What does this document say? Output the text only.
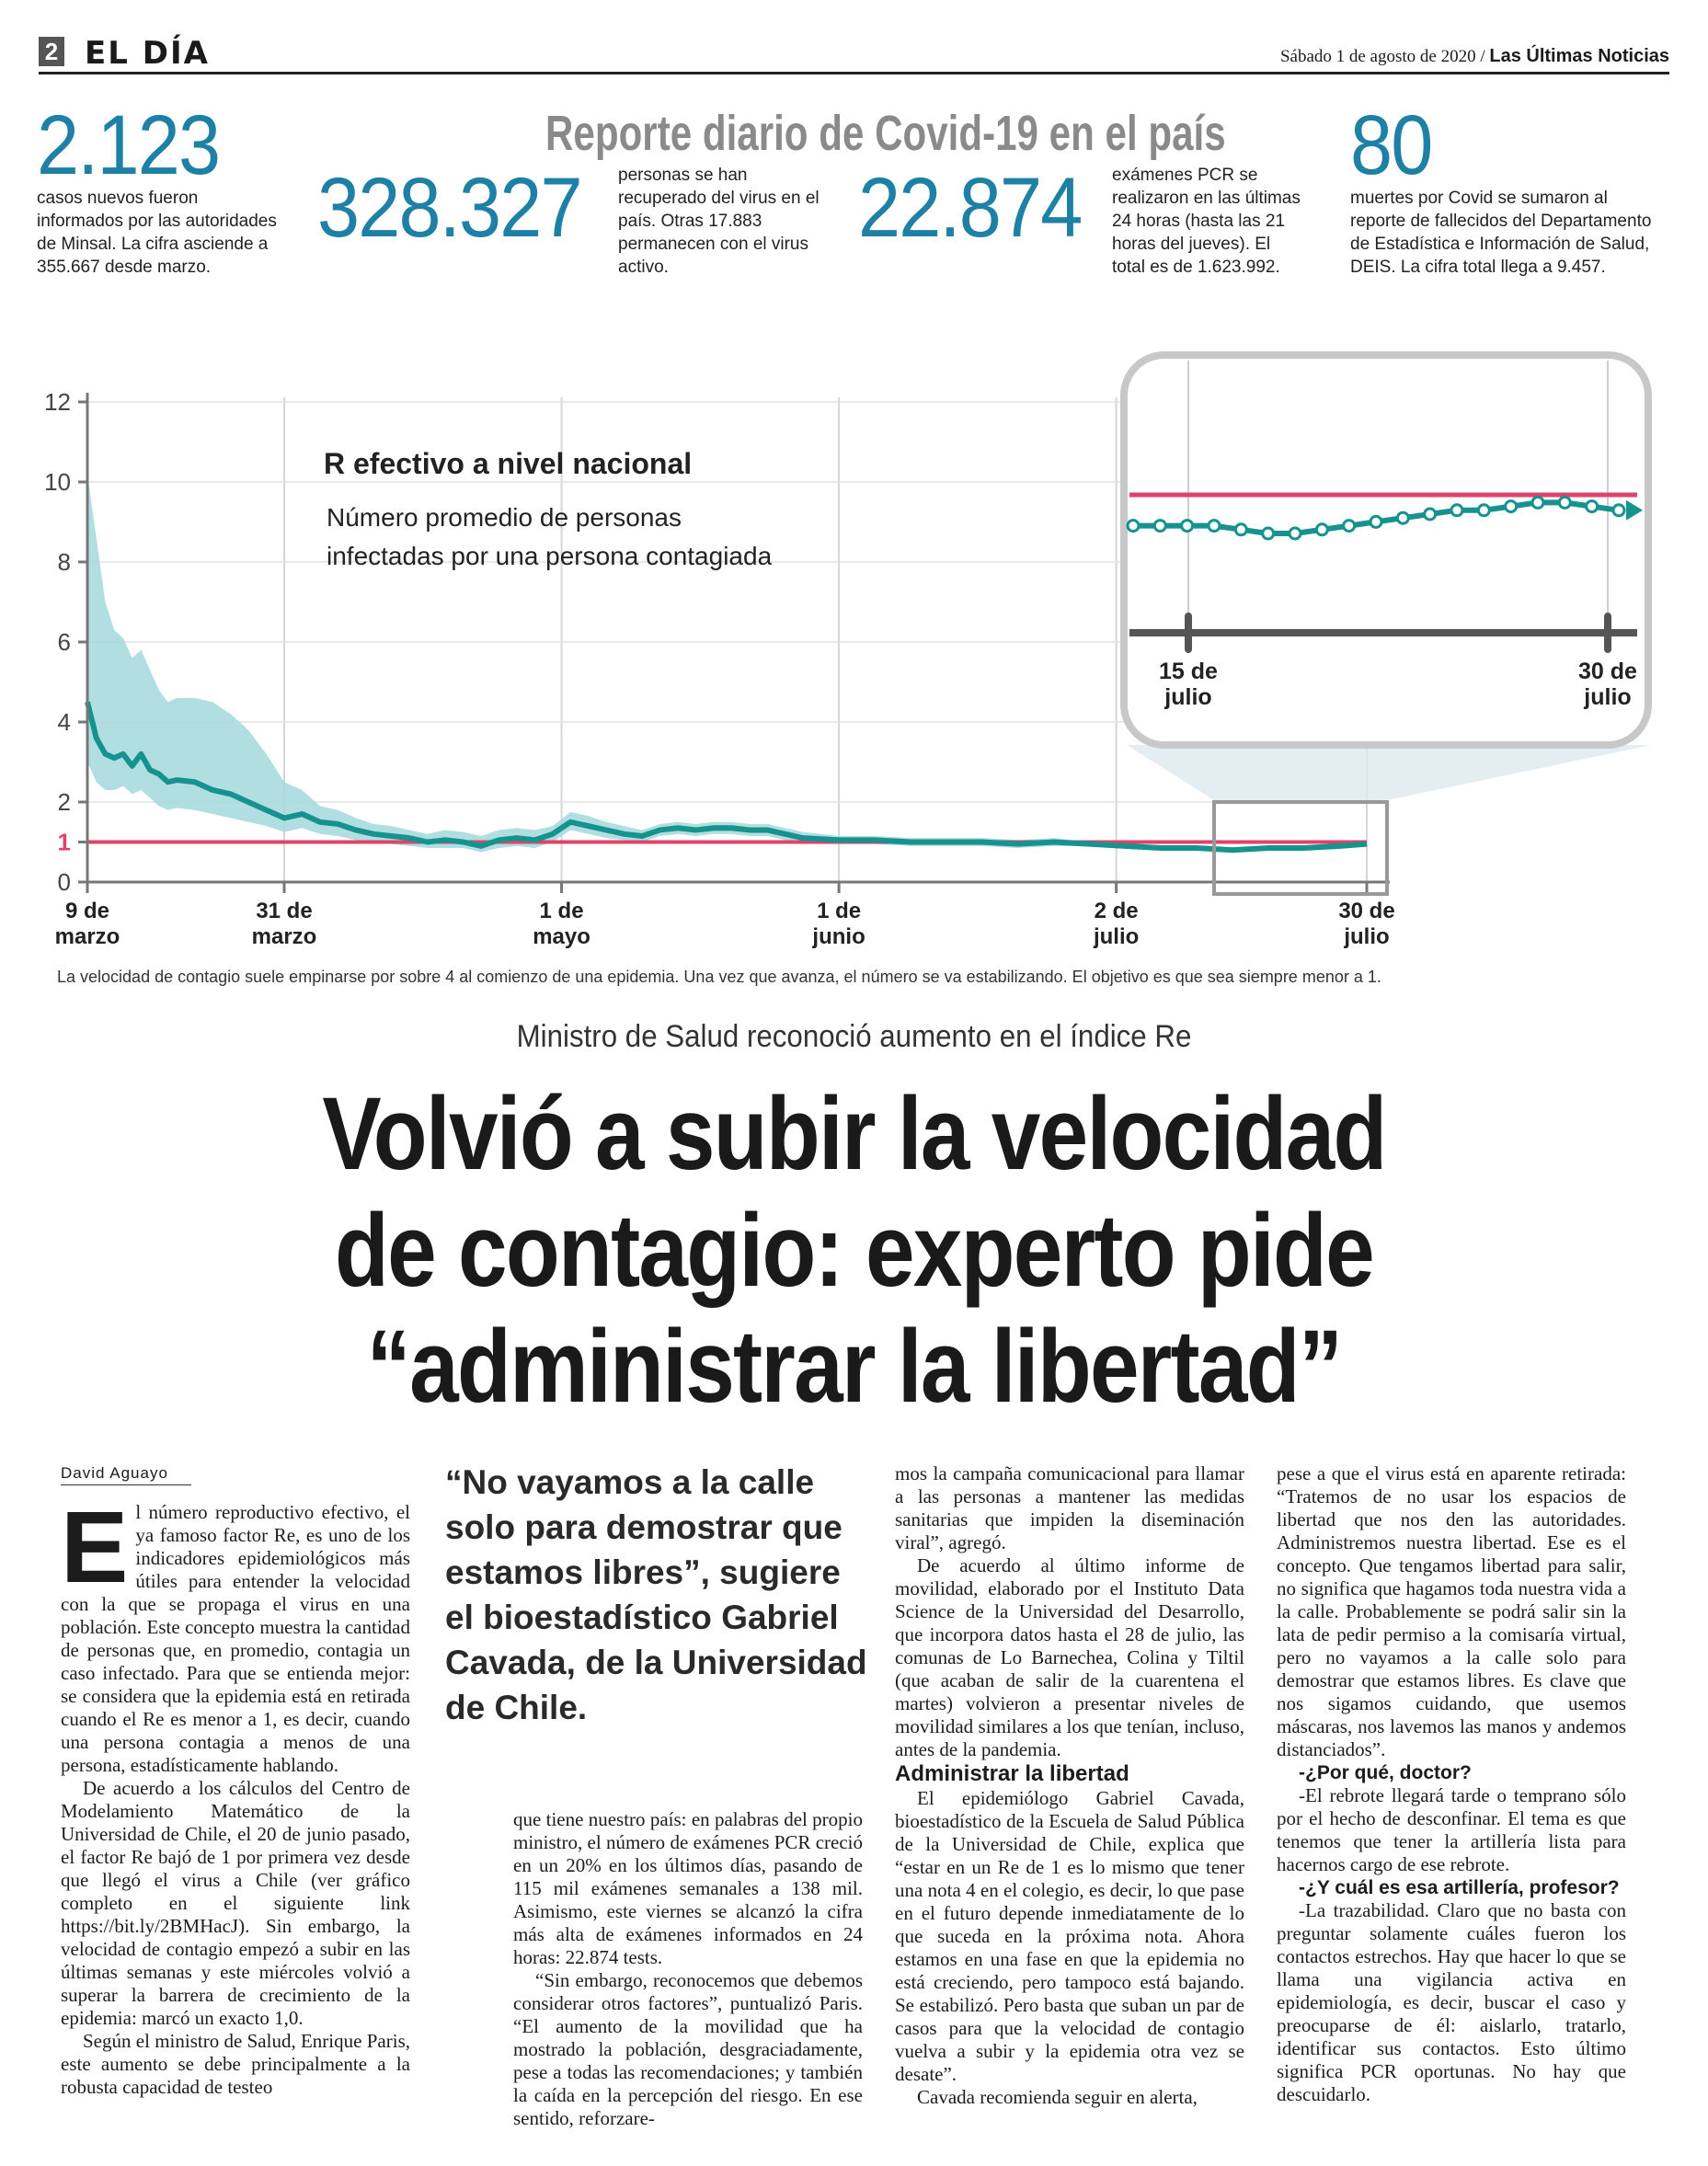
2 EL DÍA	Sábado 1 de agosto de 2020 / Las Últimas Noticias
Reporte diario de Covid-19 en el país
2.123
casos nuevos fueron
informados por las autoridades
de Minsal. La cifra asciende a
355.667 desde marzo.
328.327 personas se han
recuperado del virus en el
país. Otras 17.883
permanecen con el virus
activo.
22.874 exámenes PCR se
realizaron en las últimas
24 horas (hasta las 21
horas del jueves). El
total es de 1.623.992.
80
muertes por Covid se sumaron al
reporte de fallecidos del Departamento
de Estadística e Información de Salud,
DEIS. La cifra total llega a 9.457.
12
10
8
6
4
2
1
0
9 de
marzo
31 de
marzo
1 de
mayo
1 de
junio
2 de
julio
30 de
julio
R efectivo a nivel nacional
Número promedio de personas
infectadas por una persona contagiada
15 de
julio
30 de
julio
La velocidad de contagio suele empinarse por sobre 4 al comienzo de una epidemia. Una vez que avanza, el número se va estabilizando. El objetivo es que sea siempre menor a 1.
Ministro de Salud reconoció aumento en el índice Re
Volvió a subir la velocidad
de contagio: experto pide
“administrar la libertad”
David Aguayo
E l número reproductivo efectivo, el ya famoso factor Re, es uno de los indicadores epidemiológicos más útiles para entender la velocidad con la que se propaga el virus en una población. Este concepto muestra la cantidad de personas que, en promedio, contagia un caso infectado. Para que se entienda mejor: se considera que la epidemia está en retirada cuando el Re es menor a 1, es decir, cuando una persona contagia a menos de una persona, estadísticamente hablando.

De acuerdo a los cálculos del Centro de Modelamiento Matemático de la Universidad de Chile, el 20 de junio pasado, el factor Re bajó de 1 por primera vez desde que llegó el virus a Chile (ver gráfico completo en el siguiente link https://bit.ly/2BMHacJ). Sin embargo, la velocidad de contagio empezó a subir en las últimas semanas y este miércoles volvió a superar la barrera de crecimiento de la epidemia: marcó un exacto 1,0.

Según el ministro de Salud, Enrique Paris, este aumento se debe principalmente a la robusta capacidad de testeo

“No vayamos a la calle solo para demostrar que estamos libres”, sugiere el bioestadístico Gabriel Cavada, de la Universidad de Chile.

que tiene nuestro país: en palabras del propio ministro, el número de exámenes PCR creció en un 20% en los últimos días, pasando de 115 mil exámenes semanales a 138 mil. Asimismo, este viernes se alcanzó la cifra más alta de exámenes informados en 24 horas: 22.874 tests.

“Sin embargo, reconocemos que debemos considerar otros factores”, puntualizó Paris. “El aumento de la movilidad que ha mostrado la población, desgraciadamente, pese a todas las recomendaciones; y también la caída en la percepción del riesgo. En ese sentido, reforzare-

mos la campaña comunicacional para llamar a las personas a mantener las medidas sanitarias que impiden la diseminación viral”, agregó.

De acuerdo al último informe de movilidad, elaborado por el Instituto Data Science de la Universidad del Desarrollo, que incorpora datos hasta el 28 de julio, las comunas de Lo Barnechea, Colina y Tiltil (que acaban de salir de la cuarentena el martes) volvieron a presentar niveles de movilidad similares a los que tenían, incluso, antes de la pandemia.

Administrar la libertad

El epidemiólogo Gabriel Cavada, bioestadístico de la Escuela de Salud Pública de la Universidad de Chile, explica que “estar en un Re de 1 es lo mismo que tener una nota 4 en el colegio, es decir, lo que pase en el futuro depende inmediatamente de lo que suceda en la próxima nota. Ahora estamos en una fase en que la epidemia no está creciendo, pero tampoco está bajando. Se estabilizó. Pero basta que suban un par de casos para que la velocidad de contagio vuelva a subir y la epidemia otra vez se desate”.

Cavada recomienda seguir en alerta,

pese a que el virus está en aparente retirada: “Tratemos de no usar los espacios de libertad que nos den las autoridades. Administremos nuestra libertad. Ese es el concepto. Que tengamos libertad para salir, no significa que hagamos toda nuestra vida a la calle. Probablemente se podrá salir sin la lata de pedir permiso a la comisaría virtual, pero no vayamos a la calle solo para demostrar que estamos libres. Es clave que nos sigamos cuidando, que usemos máscaras, nos lavemos las manos y andemos distanciados”.

-¿Por qué, doctor?

-El rebrote llegará tarde o temprano sólo por el hecho de desconfinar. El tema es que tenemos que tener la artillería lista para hacernos cargo de ese rebrote.

-¿Y cuál es esa artillería, profesor?

-La trazabilidad. Claro que no basta con preguntar solamente cuáles fueron los contactos estrechos. Hay que hacer lo que se llama una vigilancia activa en epidemiología, es decir, buscar el caso y preocuparse de él: aislarlo, tratarlo, identificar sus contactos. Esto último significa PCR oportunas. No hay que descuidarlo.
